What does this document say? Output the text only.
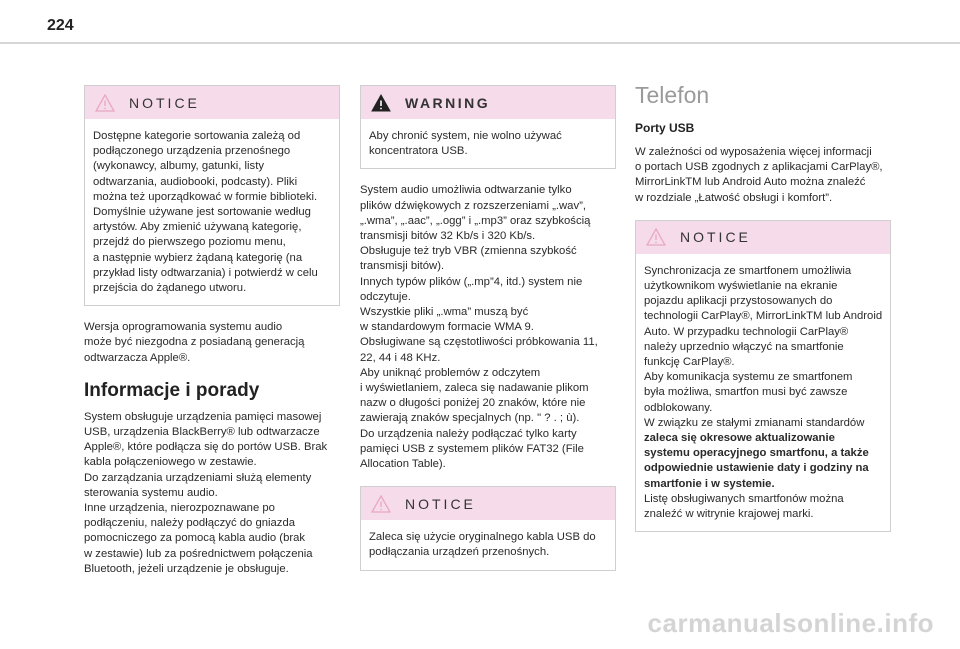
224
NOTICE
Dostępne kategorie sortowania zależą od
podłączonego urządzenia przenośnego
(wykonawcy, albumy, gatunki, listy
odtwarzania, audiobooki, podcasty). Pliki
można też uporządkować w formie biblioteki.
Domyślnie używane jest sortowanie według
artystów. Aby zmienić używaną kategorię,
przejdź do pierwszego poziomu menu,
a następnie wybierz żądaną kategorię (na
przykład listy odtwarzania) i potwierdź w celu
przejścia do żądanego utworu.

Wersja oprogramowania systemu audio
może być niezgodna z posiadaną generacją
odtwarzacza Apple®.

Informacje i porady

System obsługuje urządzenia pamięci masowej
USB, urządzenia BlackBerry® lub odtwarzacze
Apple®, które podłącza się do portów USB. Brak
kabla połączeniowego w zestawie.
Do zarządzania urządzeniami służą elementy
sterowania systemu audio.
Inne urządzenia, nierozpoznawane po
podłączeniu, należy podłączyć do gniazda
pomocniczego za pomocą kabla audio (brak
w zestawie) lub za pośrednictwem połączenia
Bluetooth, jeżeli urządzenie je obsługuje.

WARNING
Aby chronić system, nie wolno używać
koncentratora USB.

System audio umożliwia odtwarzanie tylko
plików dźwiękowych z rozszerzeniami „.wav”,
„.wma”, „.aac”, „.ogg” i „.mp3” oraz szybkością
transmisji bitów 32 Kb/s i 320 Kb/s.
Obsługuje też tryb VBR (zmienna szybkość
transmisji bitów).
Innych typów plików („.mp”4, itd.) system nie
odczytuje.
Wszystkie pliki „.wma” muszą być
w standardowym formacie WMA 9.
Obsługiwane są częstotliwości próbkowania 11,
22, 44 i 48 KHz.
Aby uniknąć problemów z odczytem
i wyświetlaniem, zaleca się nadawanie plikom
nazw o długości poniżej 20 znaków, które nie
zawierają znaków specjalnych (np. " ? . ; ù).
Do urządzenia należy podłączać tylko karty
pamięci USB z systemem plików FAT32 (File
Allocation Table).

NOTICE
Zaleca się użycie oryginalnego kabla USB do
podłączania urządzeń przenośnych.
Telefon
Porty USB

W zależności od wyposażenia więcej informacji
o portach USB zgodnych z aplikacjami CarPlay®,
MirrorLinkTM lub Android Auto można znaleźć
w rozdziale „Łatwość obsługi i komfort”.

NOTICE
Synchronizacja ze smartfonem umożliwia
użytkownikom wyświetlanie na ekranie
pojazdu aplikacji przystosowanych do
technologii CarPlay®, MirrorLinkTM lub Android
Auto. W przypadku technologii CarPlay®
należy uprzednio włączyć na smartfonie
funkcję CarPlay®.
Aby komunikacja systemu ze smartfonem
była możliwa, smartfon musi być zawsze
odblokowany.
W związku ze stałymi zmianami standardów
zaleca się okresowe aktualizowanie
systemu operacyjnego smartfonu, a także
odpowiednie ustawienie daty i godziny na
smartfonie i w systemie.
Listę obsługiwanych smartfonów można
znaleźć w witrynie krajowej marki.
carmanualsonline.info
